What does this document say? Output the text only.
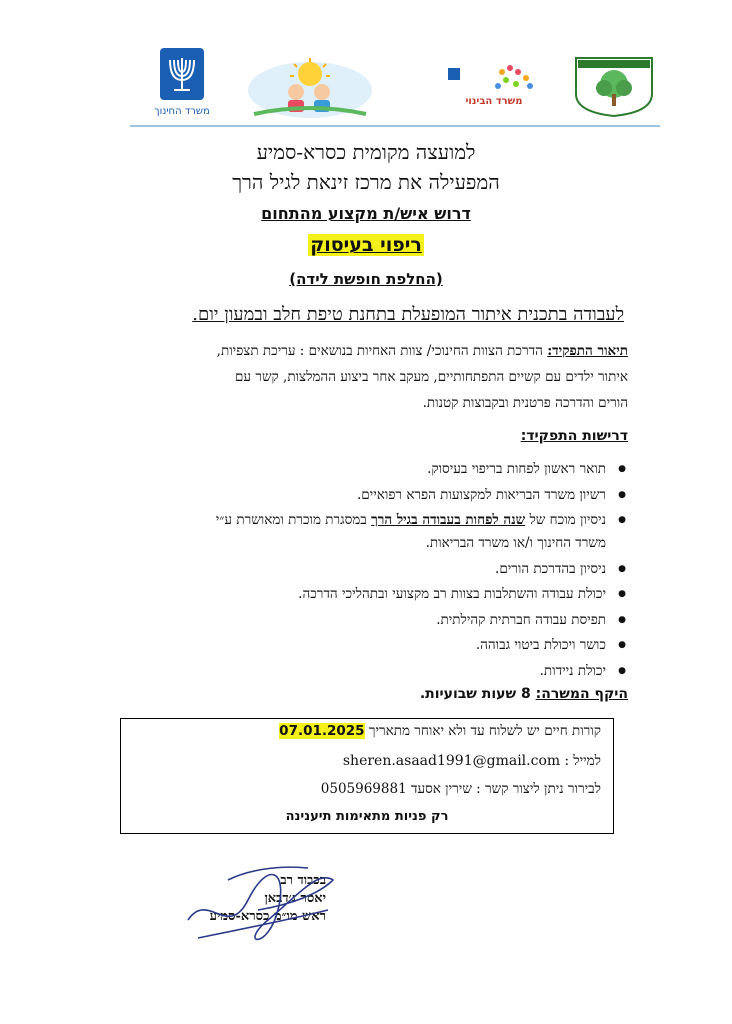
משרד החינוך
משרד הבינוי
למועצה מקומית כסרא-סמיע
המפעילה את מרכז זינאת לגיל הרך
דרוש איש/ת מקצוע מהתחום
ריפוי בעיסוק
(החלפת חופשת לידה)
לעבודה בתכנית איתור המופעלת בתחנת טיפת חלב ובמעון יום.
תיאור התפקיד: הדרכת הצוות החינוכי/ צוות האחיות בנושאים : עריכת תצפיות,
איתור ילדים עם קשיים התפתחותיים, מעקב אחר ביצוע ההמלצות, קשר עם
הורים והדרכה פרטנית ובקבוצות קטנות.
דרישות התפקיד:
● תואר ראשון לפחות בריפוי בעיסוק.
● רשיון משרד הבריאות למקצועות הפרא רפואיים.
● ניסיון מוכח של שנה לפחות בעבודה בגיל הרך במסגרת מוכרת ומאושרת ע״י
משרד החינוך ו/או משרד הבריאות.
● ניסיון בהדרכת הורים.
● יכולת עבודה והשתלבות בצוות רב מקצועי ובתהליכי הדרכה.
● תפיסת עבודה חברתית קהילתית.
● כושר ויכולת ביטוי גבוהה.
● יכולת ניידות.
היקף המשרה: 8 שעות שבועיות.
קורות חיים יש לשלוח עד ולא יאוחר מתאריך 07.01.2025
למייל : sheren.asaad1991@gmail.com
לבירור ניתן ליצור קשר : שירין אסעד 0505969881
רק פניות מתאימות תיענינה
בכבוד רב
יאסר ג׳דבאן
ראש מו״מ כסרא-סמיע
